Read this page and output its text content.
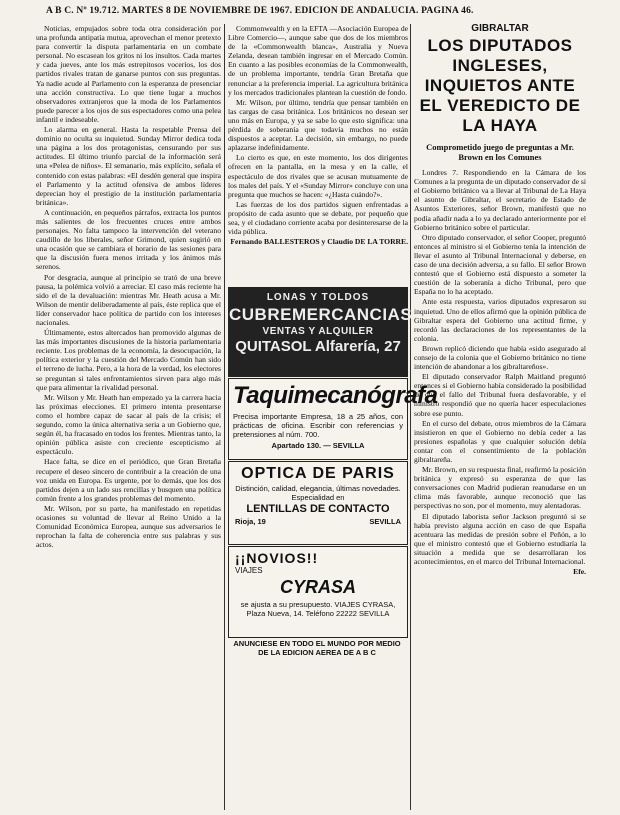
A B C. Nº 19.712. MARTES 8 DE NOVIEMBRE DE 1967. EDICION DE ANDALUCIA. PAGINA 46.

Noticias, empujados sobre toda otra consideración por una profunda antipatía mutua, aprovechan el menor pretexto para convertir la disputa parlamentaria en un combate personal. No escasean los gritos ni los insultos. Cada martes y cada jueves, ante los más estrepitosos voceríos, los dos partidos rivales tratan de ganarse puntos con sus preguntas. Ya nadie acude al Parlamento con la esperanza de presenciar una acción constructiva. Lo que tiene lugar a muchos observadores extranjeros que la moda de los Parlamentos puede parecer a los ojos de sus espectadores como una pelea infantil e indeseable.

Lo alarma en general. Hasta la respetable Prensa del dominio no oculta su inquietud. Sunday Mirror dedica toda una página a los dos protagonistas, censurando por sus actitudes. El último triunfo parcial de la información será una «Pelea de niños». El semanario, más explícito, señala el contenido con estas palabras: «El desdén general que inspira el Parlamento y la actitud ofensiva de ambos líderes deprecian hoy el prestigio de la institución parlamentaria británica».

A continuación, en pequeños párrafos, extracta los puntos más salientes de los frecuentes cruces entre ambos personajes. No falta tampoco la intervención del veterano caudillo de los liberales, señor Grimond, quien sugirió en una ocasión que se cambiara el horario de las sesiones para que la discusión fuera menos irritada y los ánimos más serenos.

Por desgracia, aunque al principio se trató de una breve pausa, la polémica volvió a arreciar. El caso más reciente ha sido el de la devaluación: mientras Mr. Heath acusa a Mr. Wilson de mentir deliberadamente al país, éste replica que el líder conservador hace política de partido con los intereses nacionales.

Últimamente, estos altercados han promovido algunas de las más importantes discusiones de la historia parlamentaria reciente. Los problemas de la economía, la desocupación, la política exterior y la cuestión del Mercado Común han sido el terreno de lucha. Pero, a la hora de la verdad, los electores se preguntan si tales enfrentamientos sirven para algo más que para alimentar la rivalidad personal.

Mr. Wilson y Mr. Heath han empezado ya la carrera hacia las próximas elecciones. El primero intenta presentarse como el hombre capaz de sacar al país de la crisis; el segundo, como la única alternativa seria a un Gobierno que, según él, ha fracasado en todos los frentes. Mientras tanto, la opinión pública asiste con creciente escepticismo al espectáculo.

Hace falta, se dice en el periódico, que Gran Bretaña recupere el deseo sincero de contribuir a la creación de una voz unida en Europa. Es urgente, por lo demás, que los dos partidos dejen a un lado sus rencillas y busquen una política común frente a los grandes problemas del momento.

Mr. Wilson, por su parte, ha manifestado en repetidas ocasiones su voluntad de llevar al Reino Unido a la Comunidad Económica Europea, aunque sus adversarios le reprochan la falta de coherencia entre sus palabras y sus actos.

Commonwealth y en la EFTA —Asociación Europea de Libre Comercio—, aunque sabe que dos de los miembros de la «Commonwealth blanca», Australia y Nueva Zelanda, desean también ingresar en el Mercado Común. En cuanto a las posibles economías de la Commonwealth, de un problema importante, tendría Gran Bretaña que renunciar a la preferencia imperial. La agricultura británica y los mercados tradicionales plantean la cuestión de fondo.

Mr. Wilson, por último, tendría que pensar también en las cargas de casa británica. Los británicos no desean ser uno más en Europa, y ya se sabe lo que esto significa: una pérdida de soberanía que todavía muchos no están dispuestos a aceptar. La decisión, sin embargo, no puede aplazarse indefinidamente.

Lo cierto es que, en este momento, los dos dirigentes ofrecen en la pantalla, en la mesa y en la calle, el espectáculo de dos rivales que se acusan mutuamente de los males del país. Y el «Sunday Mirror» concluye con una pregunta que muchos se hacen: «¿Hasta cuándo?».

Las fuerzas de los dos partidos siguen enfrentadas a propósito de cada asunto que se debate, por pequeño que sea, y el ciudadano corriente acaba por desinteresarse de la vida pública.

Fernando BALLESTEROS y Claudio DE LA TORRE.

LONAS Y TOLDOS
CUBREMERCANCIAS
VENTAS Y ALQUILER
QUITASOL Alfarería, 27
Taquimecanógrafa
Precisa importante Empresa, 18 a 25 años, con prácticas de oficina. Escribir con referencias y pretensiones al núm. 700.
Apartado 130. — SEVILLA
OPTICA DE PARIS
Distinción, calidad, elegancia, últimas novedades. Especialidad en
LENTILLAS DE CONTACTO
Rioja, 19	SEVILLA
¡¡NOVIOS!!
VIAJES
CYRASA
se ajusta a su presupuesto. VIAJES CYRASA, Plaza Nueva, 14. Teléfono 22222 SEVILLA
ANUNCIESE EN TODO EL MUNDO POR MEDIO DE LA EDICION AEREA DE A B C
GIBRALTAR
LOS DIPUTADOS INGLESES, INQUIETOS ANTE EL VEREDICTO DE LA HAYA
Comprometido juego de preguntas a Mr. Brown en los Comunes

Londres 7. Respondiendo en la Cámara de los Comunes a la pregunta de un diputado conservador de si el Gobierno británico va a llevar al Tribunal de La Haya el asunto de Gibraltar, el secretario de Estado de Asuntos Exteriores, señor Brown, manifestó que no podía añadir nada a lo ya declarado anteriormente por el Gobierno británico sobre el particular.

Otro diputado conservador, el señor Cooper, preguntó entonces al ministro si el Gobierno tenía la intención de llevar el asunto al Tribunal Internacional y deberse, en caso de una decisión adversa, a su fallo. El señor Brown contestó que el Gobierno está dispuesto a someter la cuestión de la soberanía a dicho Tribunal, pero que España no lo ha aceptado.

Ante esta respuesta, varios diputados expresaron su inquietud. Uno de ellos afirmó que la opinión pública de Gibraltar espera del Gobierno una actitud firme, y recordó las declaraciones de los representantes de la colonia.

Brown replicó diciendo que había «sido asegurado al consejo de la colonia que el Gobierno británico no tiene intención de abandonar a los gibraltareños».

El diputado conservador Ralph Maitland preguntó entonces si el Gobierno había considerado la posibilidad de que el fallo del Tribunal fuera desfavorable, y el ministro respondió que no quería hacer especulaciones sobre ese punto.

En el curso del debate, otros miembros de la Cámara insistieron en que el Gobierno no debía ceder a las presiones españolas y que cualquier solución debía contar con el consentimiento de la población gibraltareña.

Mr. Brown, en su respuesta final, reafirmó la posición británica y expresó su esperanza de que las conversaciones con Madrid pudieran reanudarse en un clima más favorable, aunque reconoció que las perspectivas no son, por el momento, muy alentadoras.

El diputado laborista señor Jackson preguntó si se había previsto alguna acción en caso de que España acentuara las medidas de presión sobre el Peñón, a lo que el ministro contestó que el Gobierno estudiaría la situación a medida que se desarrollaran los acontecimientos, en el marco del Tribunal Internacional.

Efe.
